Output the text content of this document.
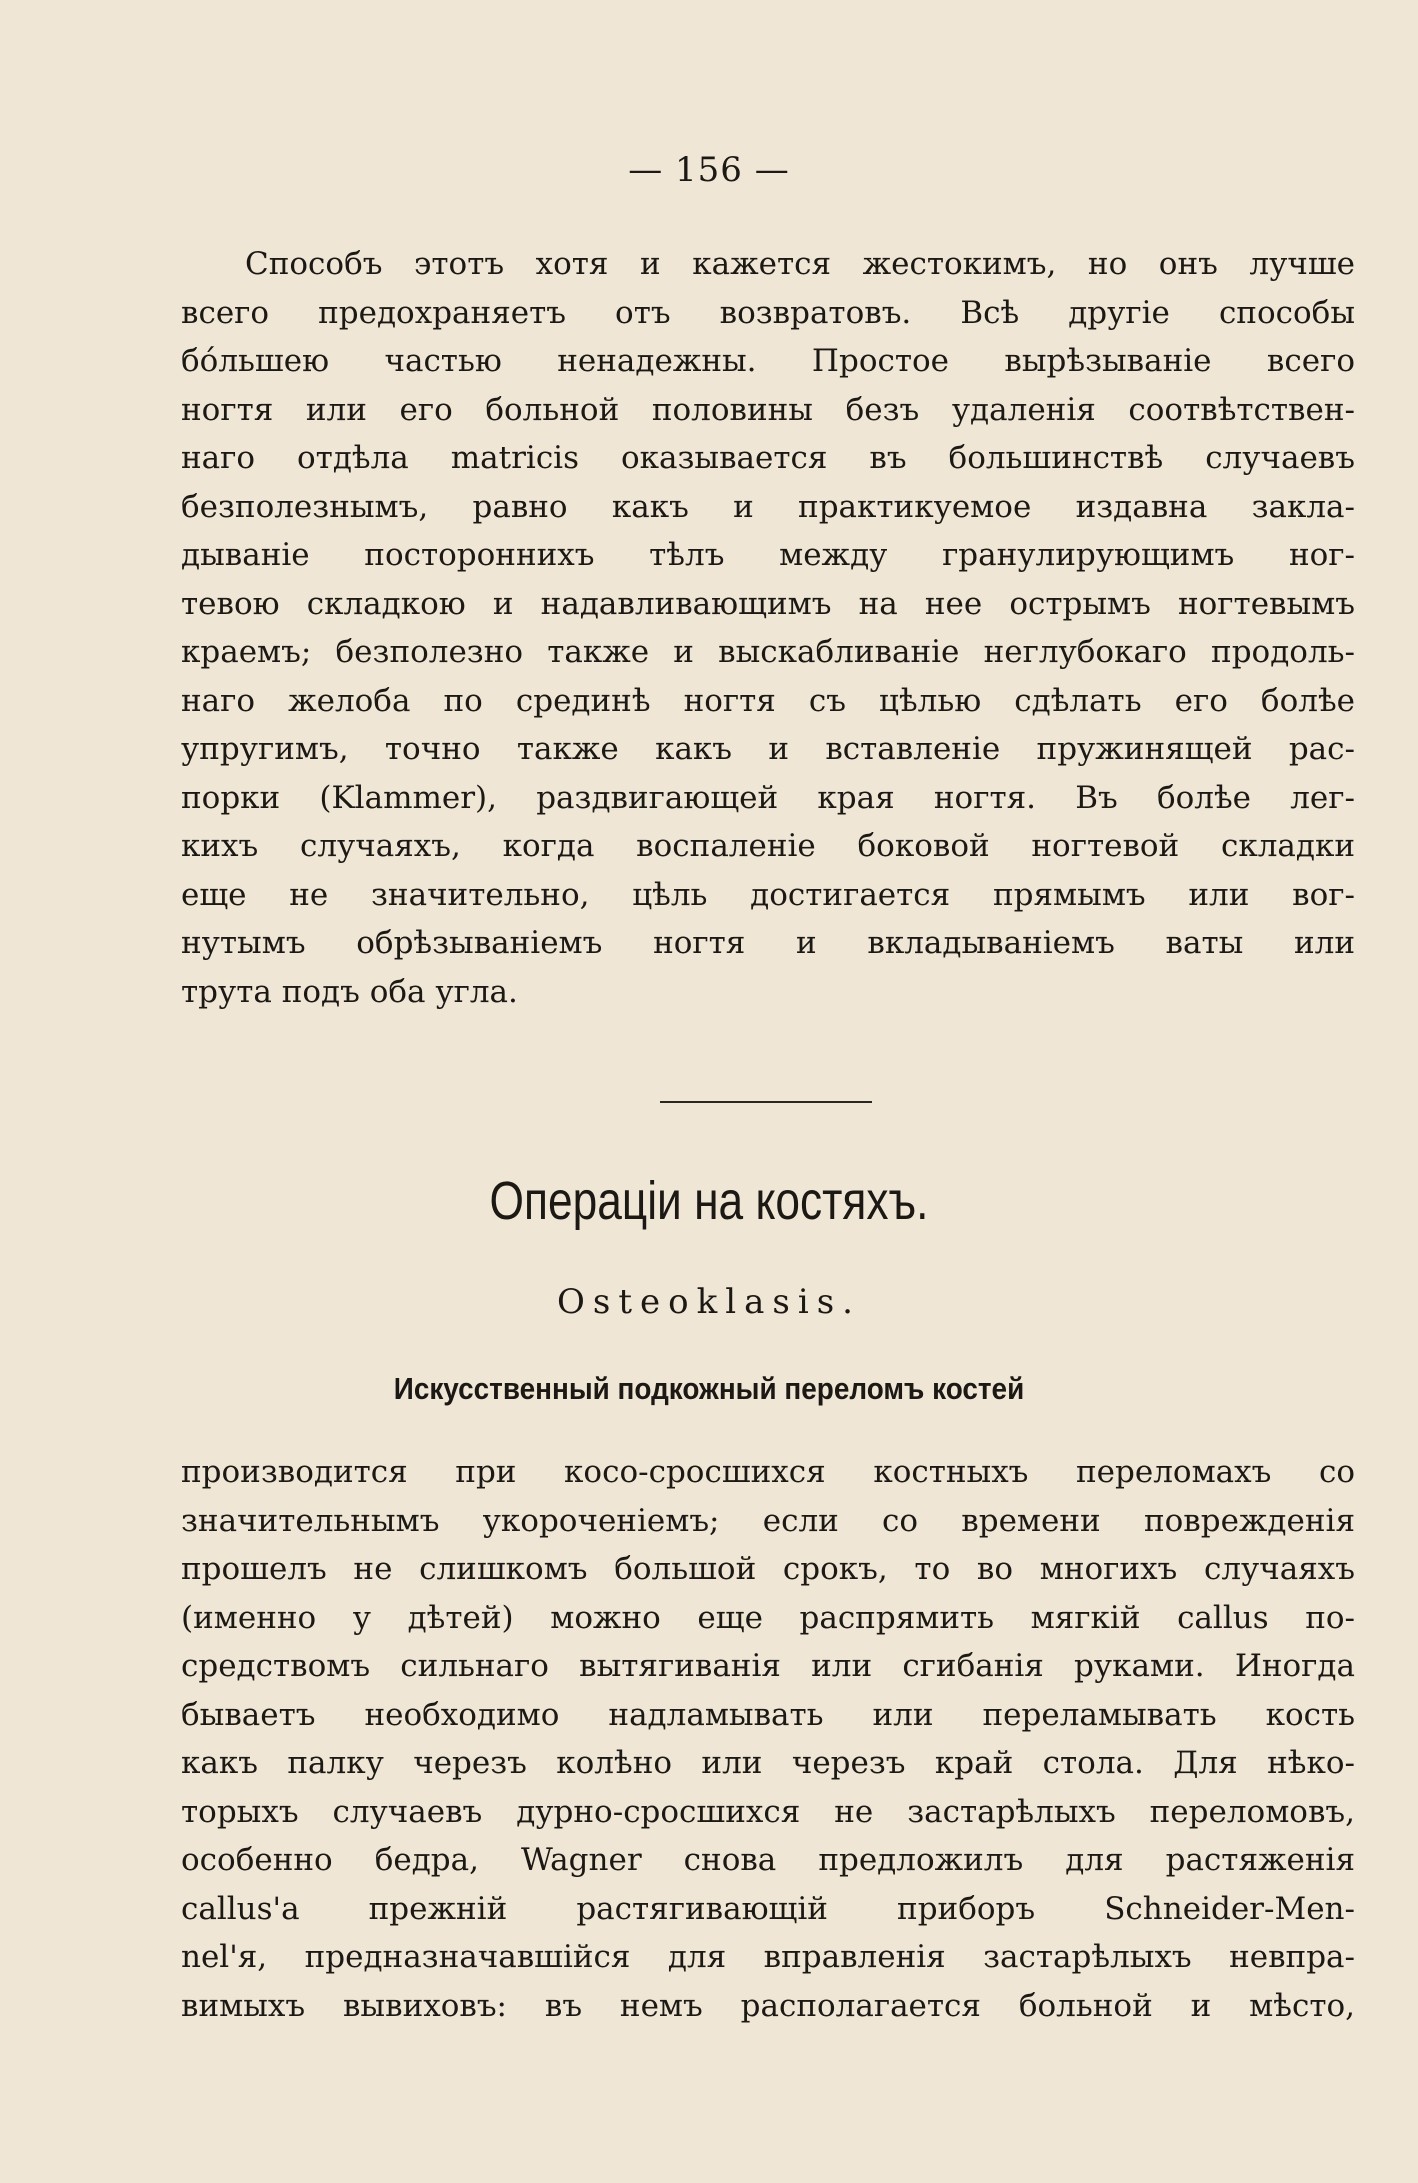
— 156 —
Способъ этотъ хотя и кажется жестокимъ, но онъ лучше
всего предохраняетъ отъ возвратовъ. Всѣ другіе способы
бо́льшею частью ненадежны. Простое вырѣзываніе всего
ногтя или его больной половины безъ удаленія соотвѣтствен-
наго отдѣла matricis оказывается въ большинствѣ случаевъ
безполезнымъ, равно какъ и практикуемое издавна заклa-
дываніе постороннихъ тѣлъ между гранулирующимъ ног-
тевою складкою и надавливающимъ на нее острымъ ногтевымъ
краемъ; безполезно также и выскабливаніе неглубокаго продоль-
наго желоба по срединѣ ногтя съ цѣлью сдѣлать его болѣе
упругимъ, точно также какъ и вставленіе пружинящей рас-
порки (Klammer), раздвигающей края ногтя. Въ болѣе лег-
кихъ случаяхъ, когда воспаленіе боковой ногтевой складки
еще не значительно, цѣль достигается прямымъ или вог-
нутымъ обрѣзываніемъ ногтя и вкладываніемъ ваты или
трута подъ оба угла.
Операціи на костяхъ.
Osteoklasis.
Искусственный подкожный переломъ костей
производится при косо-сросшихся костныхъ переломахъ со
значительнымъ укороченіемъ; если со времени поврежденія
прошелъ не слишкомъ большой срокъ, то во многихъ случаяхъ
(именно у дѣтей) можно еще распрямить мягкій callus по-
средствомъ сильнаго вытягиванія или сгибанія руками. Иногда
бываетъ необходимо надламывать или переламывать кость
какъ палку черезъ колѣно или черезъ край стола. Для нѣко-
торыхъ случаевъ дурно-сросшихся не застарѣлыхъ переломовъ,
особенно бедра, Wagner снова предложилъ для растяженія
callus'a прежній растягивающій приборъ Schneider-Men-
nel'я, предназначавшійся для вправленія застарѣлыхъ невпра-
вимыхъ вывиховъ: въ немъ располагается больной и мѣсто,
